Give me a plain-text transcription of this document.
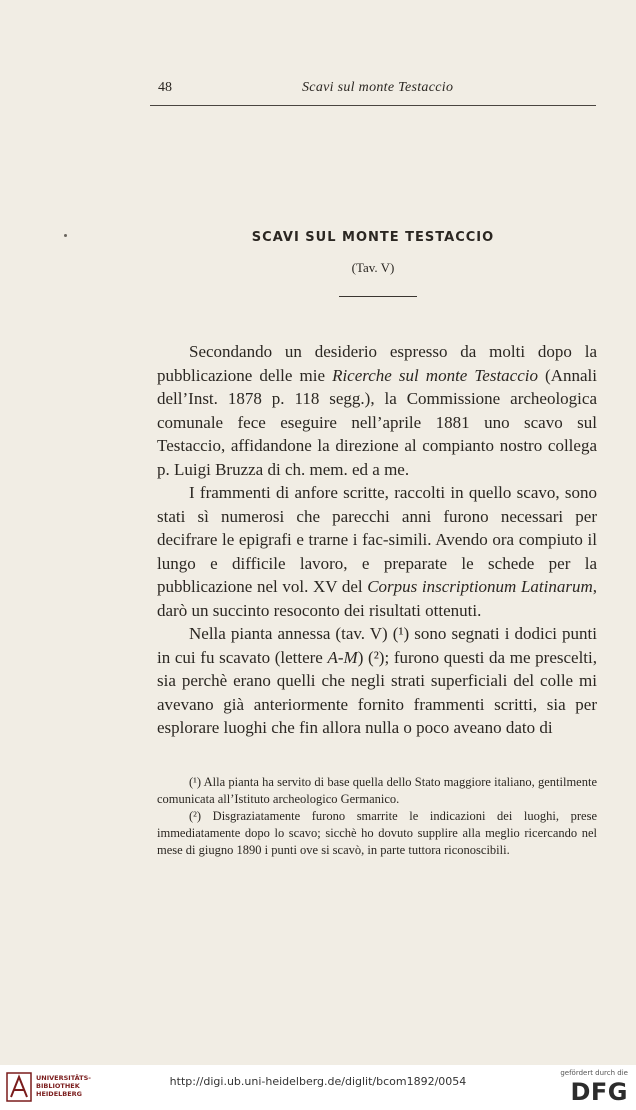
48	Scavi sul monte Testaccio
SCAVI SUL MONTE TESTACCIO
(Tav. V)

Secondando un desiderio espresso da molti dopo la pubblicazione delle mie Ricerche sul monte Testaccio (Annali dell’Inst. 1878 p. 118 segg.), la Commissione archeologica comunale fece eseguire nell’aprile 1881 uno scavo sul Testaccio, affidandone la direzione al compianto nostro collega p. Luigi Bruzza di ch. mem. ed a me.

I frammenti di anfore scritte, raccolti in quello scavo, sono stati sì numerosi che parecchi anni furono necessari per decifrare le epigrafi e trarne i fac-simili. Avendo ora compiuto il lungo e difficile lavoro, e preparate le schede per la pubblicazione nel vol. XV del Corpus inscriptionum Latinarum, darò un succinto resoconto dei risultati ottenuti.

Nella pianta annessa (tav. V) (¹) sono segnati i dodici punti in cui fu scavato (lettere A-M) (²); furono questi da me prescelti, sia perchè erano quelli che negli strati superficiali del colle mi avevano già anteriormente fornito frammenti scritti, sia per esplorare luoghi che fin allora nulla o poco aveano dato di

(¹) Alla pianta ha servito di base quella dello Stato maggiore italiano, gentilmente comunicata all’Istituto archeologico Germanico.

(²) Disgraziatamente furono smarrite le indicazioni dei luoghi, prese immediatamente dopo lo scavo; sicchè ho dovuto supplire alla meglio ricercando nel mese di giugno 1890 i punti ove si scavò, in parte tuttora riconoscibili.

UNIVERSITÄTS-
BIBLIOTHEK
HEIDELBERG
http://digi.ub.uni-heidelberg.de/diglit/bcom1892/0054
gefördert durch die
DFG
